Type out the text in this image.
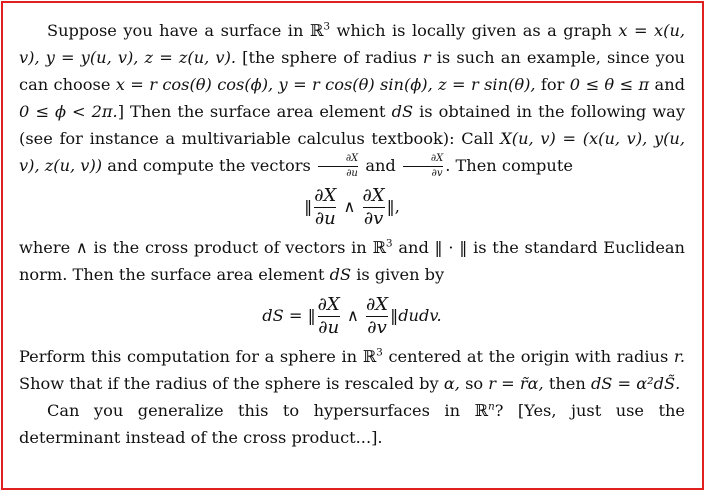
Suppose you have a surface in ℝ$^3$ which is locally given as a graph x = x(u, v), y = y(u, v), z = z(u, v). [the sphere of radius r is such an example, since you can choose x = r cos(θ) cos(ϕ), y = r cos(θ) sin(ϕ), z = r sin(θ), for 0 ≤ θ ≤ π and 0 ≤ ϕ < 2π.] Then the surface area element dS is obtained in the following way (see for instance a multivariable calculus textbook): Call X(u, v) = (x(u, v), y(u, v), z(u, v)) and compute the vectors $\frac{\partial X}{\partial u}$ and $\frac{\partial X}{\partial v}$ . Then compute

‖ $\frac{\partial X}{\partial u}$ ∧ $\frac{\partial X}{\partial v}$ ‖,

where ∧ is the cross product of vectors in ℝ$^3$ and ‖ · ‖ is the standard Euclidean norm. Then the surface area element dS is given by

dS = ‖ $\frac{\partial X}{\partial u}$ ∧ $\frac{\partial X}{\partial v}$ ‖dudv.

Perform this computation for a sphere in ℝ$^3$ centered at the origin with radius r. Show that if the radius of the sphere is rescaled by α, so r = r̃α, then dS = α²dS̃.

Can you generalize this to hypersurfaces in ℝ$^n$? [Yes, just use the determinant instead of the cross product...].
